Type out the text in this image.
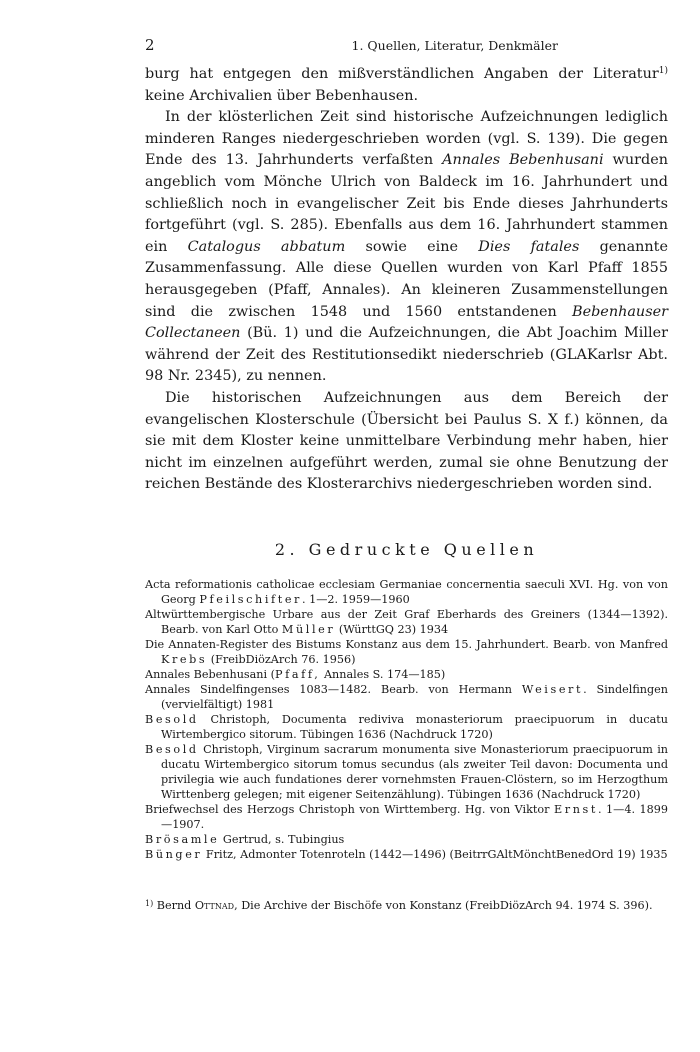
2	1. Quellen, Literatur, Denkmäler

burg hat entgegen den mißverständlichen Angaben der Literatur$^{1)}$ keine Archivalien über Bebenhausen.

In der klösterlichen Zeit sind historische Aufzeichnungen lediglich minderen Ranges niedergeschrieben worden (vgl. S. 139). Die gegen Ende des 13. Jahrhunderts verfaßten Annales Bebenhusani wurden angeblich vom Mönche Ulrich von Baldeck im 16. Jahrhundert und schließlich noch in evangelischer Zeit bis Ende dieses Jahrhunderts fortgeführt (vgl. S. 285). Ebenfalls aus dem 16. Jahrhundert stammen ein Catalogus abbatum sowie eine Dies fatales genannte Zusammenfassung. Alle diese Quellen wurden von Karl Pfaff 1855 herausgegeben (Pfaff, Annales). An kleineren Zusammenstellungen sind die zwischen 1548 und 1560 entstandenen Bebenhauser Collectaneen (Bü. 1) und die Aufzeichnungen, die Abt Joachim Miller während der Zeit des Restitutionsedikt niederschrieb (GLAKarlsr Abt. 98 Nr. 2345), zu nennen.

Die historischen Aufzeichnungen aus dem Bereich der evangelischen Klosterschule (Übersicht bei Paulus S. X f.) können, da sie mit dem Kloster keine unmittelbare Verbindung mehr haben, hier nicht im einzelnen aufgeführt werden, zumal sie ohne Benutzung der reichen Bestände des Klosterarchivs niedergeschrieben worden sind.

2. Gedruckte Quellen

Acta reformationis catholicae ecclesiam Germaniae concernentia saeculi XVI. Hg. von von Georg Pfeilschifter. 1—2. 1959—1960

Altwürttembergische Urbare aus der Zeit Graf Eberhards des Greiners (1344—1392). Bearb. von Karl Otto Müller (WürttGQ 23) 1934

Die Annaten-Register des Bistums Konstanz aus dem 15. Jahrhundert. Bearb. von Manfred Krebs (FreibDiözArch 76. 1956)

Annales Bebenhusani (Pfaff, Annales S. 174—185)

Annales Sindelfingenses 1083—1482. Bearb. von Hermann Weisert. Sindelfingen (vervielfältigt) 1981

Besold Christoph, Documenta rediviva monasteriorum praecipuorum in ducatu Wirtembergico sitorum. Tübingen 1636 (Nachdruck 1720)

Besold Christoph, Virginum sacrarum monumenta sive Monasteriorum praecipuorum in ducatu Wirtembergico sitorum tomus secundus (als zweiter Teil davon: Documenta und privilegia wie auch fundationes derer vornehmsten Frauen-Clöstern, so im Herzogthum Wirttenberg gelegen; mit eigener Seitenzählung). Tübingen 1636 (Nachdruck 1720)

Briefwechsel des Herzogs Christoph von Wirttemberg. Hg. von Viktor Ernst. 1—4. 1899—1907.

Brösamle Gertrud, s. Tubingius

Bünger Fritz, Admonter Totenroteln (1442—1496) (BeitrrGAltMönchtBenedOrd 19) 1935

$^{1)}$ Bernd Ottnad, Die Archive der Bischöfe von Konstanz (FreibDiözArch 94. 1974 S. 396).
